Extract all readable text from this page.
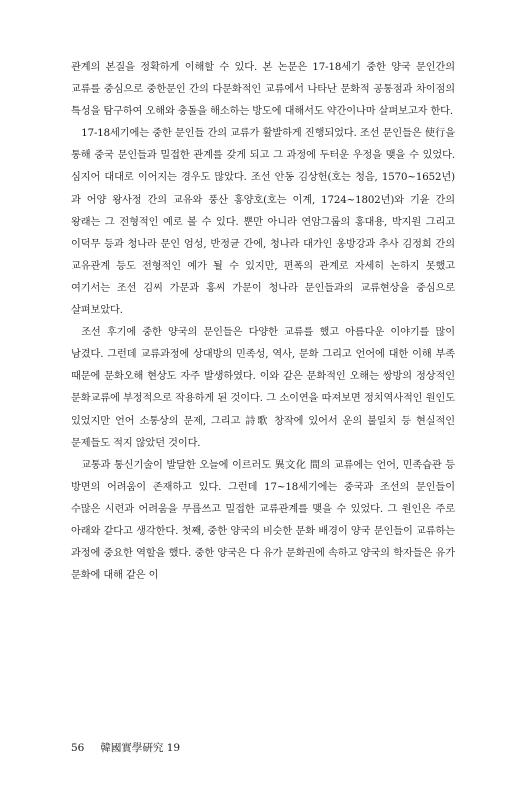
관계의 본질을 정확하게 이해할 수 있다. 본 논문은 17-18세기 중한 양국 문인간의 교류를 중심으로 중한문인 간의 다문화적인 교류에서 나타난 문화적 공통점과 차이점의 특성을 탐구하여 오해와 충돌을 해소하는 방도에 대해서도 약간이나마 살펴보고자 한다.

17-18세기에는 중한 문인들 간의 교류가 활발하게 진행되었다. 조선 문인들은 使行을 통해 중국 문인들과 밀접한 관계를 갖게 되고 그 과정에 두터운 우정을 맺을 수 있었다. 심지어 대대로 이어지는 경우도 많았다. 조선 안동 김상헌(호는 청음, 1570~1652년)과 어양 왕사정 간의 교유와 풍산 홍양호(호는 이계, 1724~1802년)와 기윤 간의 왕래는 그 전형적인 예로 볼 수 있다. 뿐만 아니라 연암그룹의 홍대용, 박지원 그리고 이덕무 등과 청나라 문인 엄성, 반정균 간에, 청나라 대가인 옹방강과 추사 김정희 간의 교유관계 등도 전형적인 예가 될 수 있지만, 편폭의 관계로 자세히 논하지 못했고 여기서는 조선 김씨 가문과 홍씨 가문이 청나라 문인들과의 교류현상을 중심으로 살펴보았다.

조선 후기에 중한 양국의 문인들은 다양한 교류를 했고 아름다운 이야기를 많이 남겼다. 그런데 교류과정에 상대방의 민족성, 역사, 문화 그리고 언어에 대한 이해 부족 때문에 문화오해 현상도 자주 발생하였다. 이와 같은 문화적인 오해는 쌍방의 정상적인 문화교류에 부정적으로 작용하게 된 것이다. 그 소이연을 따져보면 정치역사적인 원인도 있었지만 언어 소통상의 문제, 그리고 詩歌 창작에 있어서 운의 불일치 등 현실적인 문제들도 적지 않았던 것이다.

교통과 통신기술이 발달한 오늘에 이르러도 異文化 間의 교류에는 언어, 민족습관 등 방면의 어려움이 존재하고 있다. 그런데 17~18세기에는 중국과 조선의 문인들이 수많은 시련과 어려움을 무릅쓰고 밀접한 교류관계를 맺을 수 있었다. 그 원인은 주로 아래와 같다고 생각한다. 첫째, 중한 양국의 비슷한 문화 배경이 양국 문인들이 교류하는 과정에 중요한 역할을 했다. 중한 양국은 다 유가 문화권에 속하고 양국의 학자들은 유가 문화에 대해 같은 이

56 韓國實學硏究 19
